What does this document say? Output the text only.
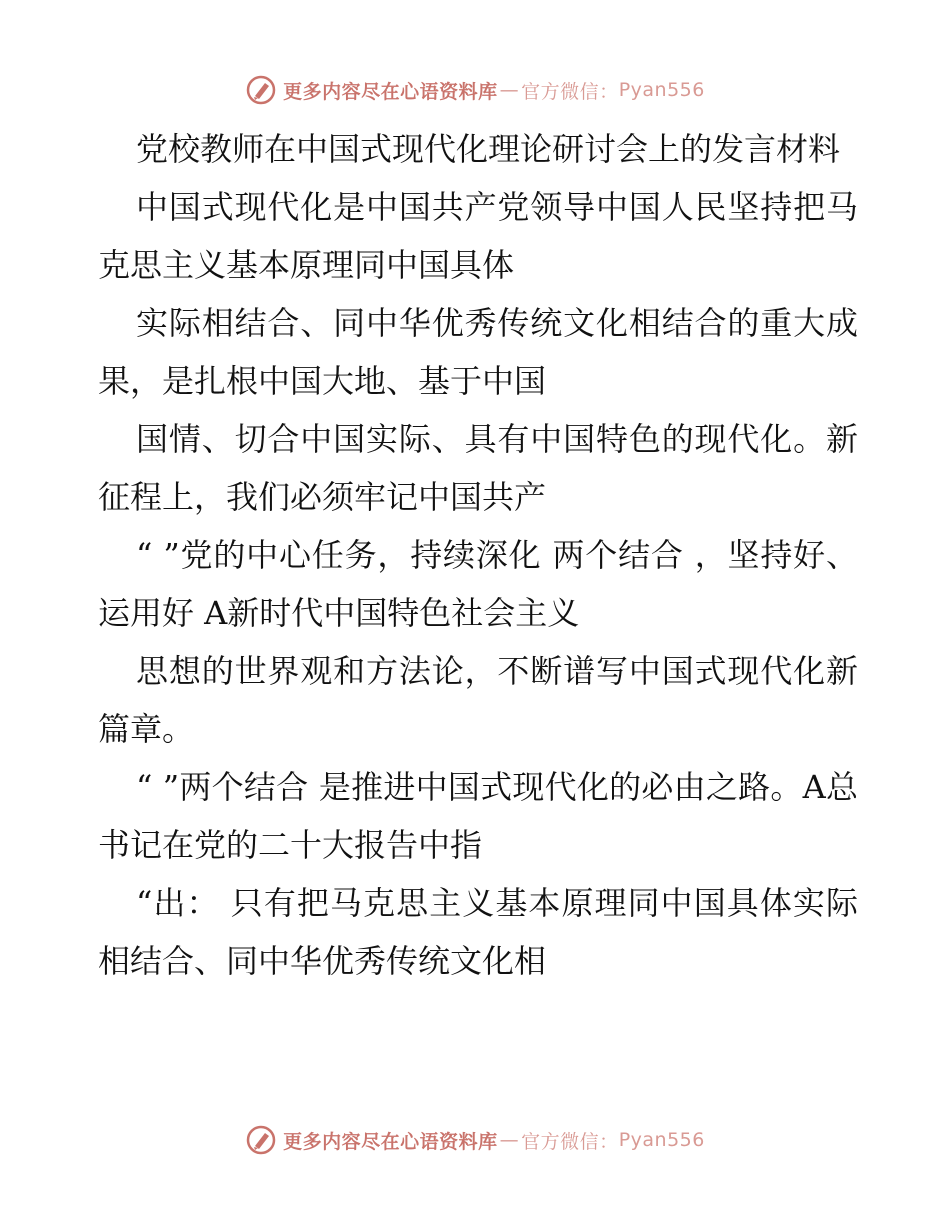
更多内容尽在心语资料库 — 官方微信： Pyan556

党校教师在中国式现代化理论研讨会上的发言材料

中国式现代化是中国共产党领导中国人民坚持把马克思主义基本原理同中国具体

实际相结合、同中华优秀传统文化相结合的重大成果，是扎根中国大地、基于中国

国情、切合中国实际、具有中国特色的现代化。新征程上，我们必须牢记中国共产

“ ”党的中心任务，持续深化 两个结合 ，坚持好、运用好 A新时代中国特色社会主义

思想的世界观和方法论，不断谱写中国式现代化新篇章。

“ ”两个结合 是推进中国式现代化的必由之路。A总书记在党的二十大报告中指

“出： 只有把马克思主义基本原理同中国具体实际相结合、同中华优秀传统文化相

更多内容尽在心语资料库 — 官方微信： Pyan556
